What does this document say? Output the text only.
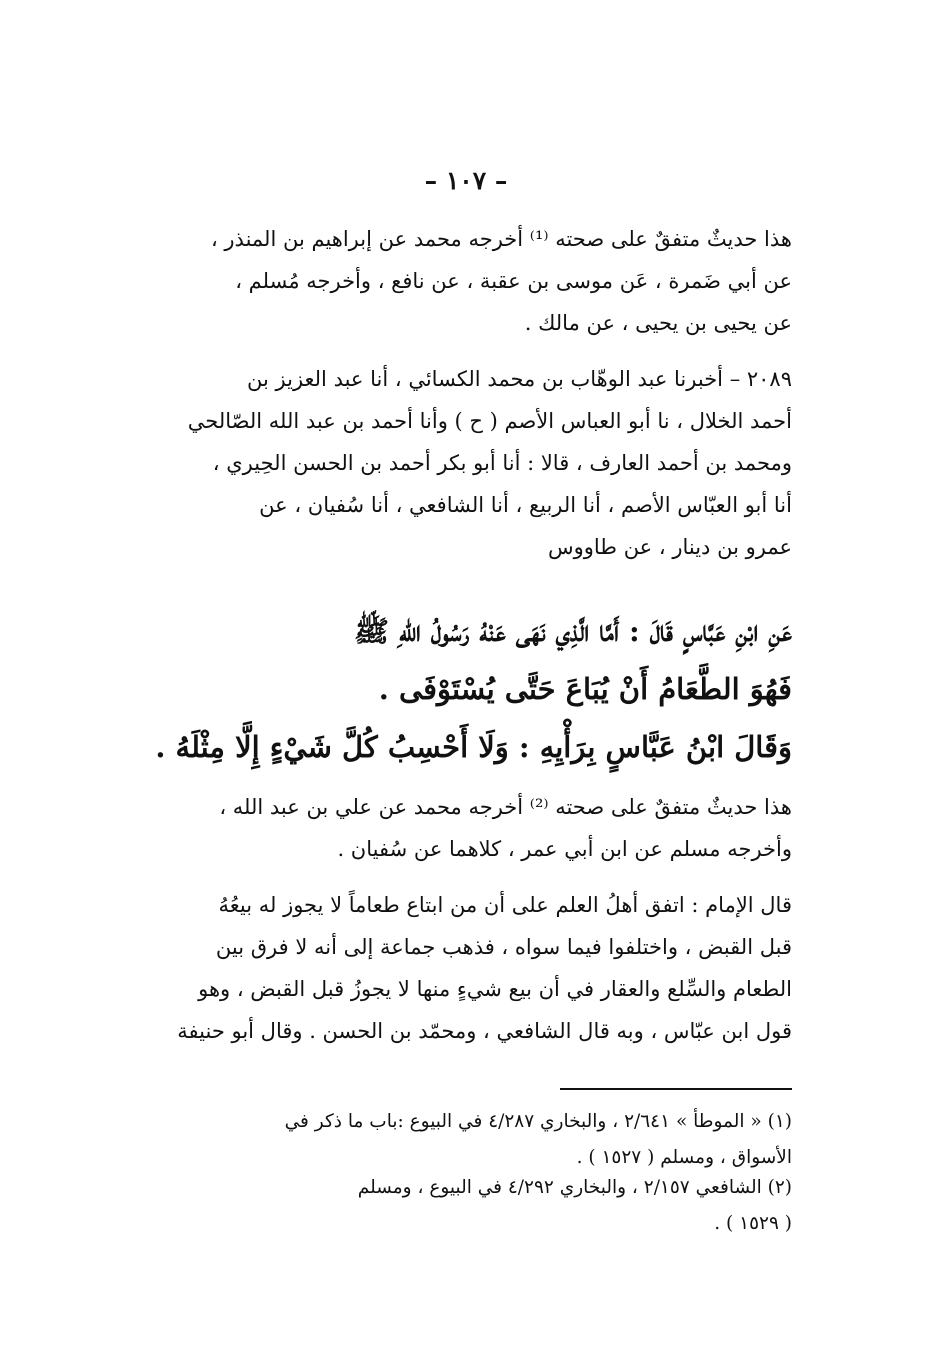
– ١٠٧ –
هذا حديثٌ متفقٌ على صحته ⁽¹⁾ أخرجه محمد عن إبراهيم بن المنذر ،
عن أبي ضَمرة ، عَن موسى بن عقبة ، عن نافع ، وأخرجه مُسلم ،
عن يحيى بن يحيى ، عن مالك .
٢٠٨٩ – أخبرنا عبد الوهّاب بن محمد الكسائي ، أنا عبد العزيز بن
أحمد الخلال ، نا أبو العباس الأصم ( ح ) وأنا أحمد بن عبد الله الصّالحي
ومحمد بن أحمد العارف ، قالا : أنا أبو بكر أحمد بن الحسن الحِيري ،
أنا أبو العبّاس الأصم ، أنا الربيع ، أنا الشافعي ، أنا سُفيان ، عن
عمرو بن دينار ، عن طاووس
عَنِ ابْنِ عَبَّاسٍ قَالَ : أَمَّا الَّذِي نَهَى عَنْهُ رَسُولُ اللهِ ﷺ
فَهُوَ الطَّعَامُ أَنْ يُبَاعَ حَتَّى يُسْتَوْفَى .
وَقَالَ ابْنُ عَبَّاسٍ بِرَأْيِهِ : وَلَا أَحْسِبُ كُلَّ شَيْءٍ إِلَّا مِثْلَهُ .
هذا حديثٌ متفقٌ على صحته ⁽²⁾ أخرجه محمد عن علي بن عبد الله ،
وأخرجه مسلم عن ابن أبي عمر ، كلاهما عن سُفيان .
قال الإمام : اتفق أهلُ العلم على أن من ابتاع طعاماً لا يجوز له بيعُهُ
قبل القبض ، واختلفوا فيما سواه ، فذهب جماعة إلى أنه لا فرق بين
الطعام والسِّلع والعقار في أن بيع شيءٍ منها لا يجوزُ قبل القبض ، وهو
قول ابن عبّاس ، وبه قال الشافعي ، ومحمّد بن الحسن . وقال أبو حنيفة
(١) « الموطأ » ٢/٦٤١ ، والبخاري ٤/٢٨٧ في البيوع :باب ما ذكر في
الأسواق ، ومسلم ( ١٥٢٧ ) .
(٢) الشافعي ٢/١٥٧ ، والبخاري ٤/٢٩٢ في البيوع ، ومسلم
( ١٥٢٩ ) .
